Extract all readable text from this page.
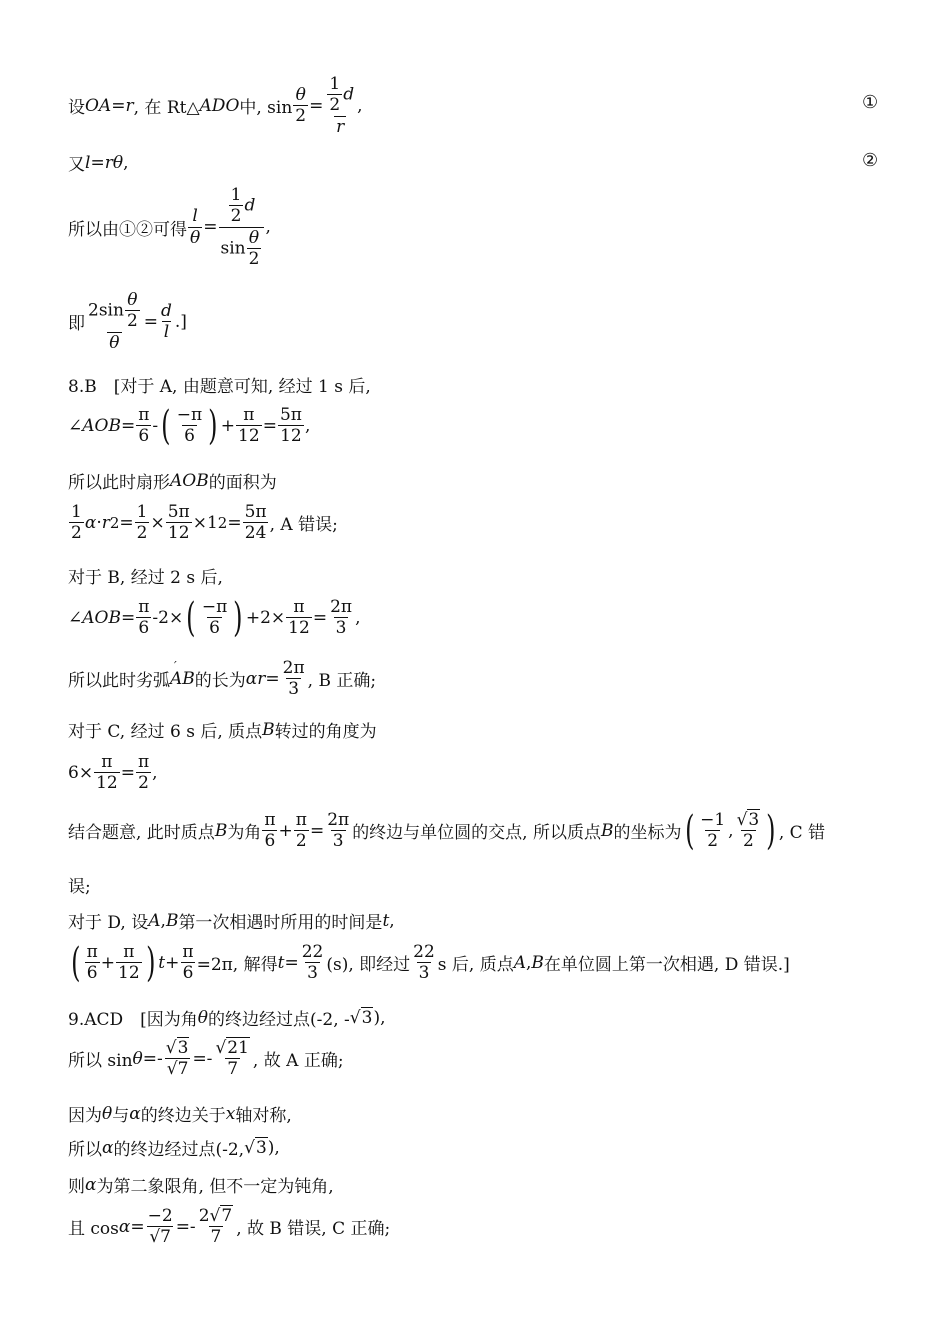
设 OA = r , 在 Rt△ ADO 中, $\sin \frac{\theta}{2} = \frac{\frac{1}{2} d}{r}$ ,	①
又 l = r θ ,	②
所以由①②可得 $\frac{l}{\theta} = \frac{\frac{1}{2} d}{\sin \frac{\theta}{2}}$ ,
即 $\frac{2\sin \frac{\theta}{2}}{\theta} = \frac{d}{l}$ .]
8.B　[对于 A, 由题意可知, 经过 1 s 后,
∠ AOB = $\frac{\pi}{6}$ - ( $\frac{-\pi}{6}$ ) + $\frac{\pi}{12} = \frac{5\pi}{12}$ ,
所以此时扇形 AOB 的面积为
$\frac{1}{2}$ α · r $2 = \frac{1}{2} \times \frac{5\pi}{12} \times 1$ $2 = \frac{5\pi}{24}$ , A 错误;
对于 B, 经过 2 s 后,
∠ AOB = $\frac{\pi}{6} -2\times$ ( $\frac{-\pi}{6}$ ) $+2\times \frac{\pi}{12} = \frac{2\pi}{3}$ ,
所以此时劣弧
′ AB 的长为 α $r = \frac{2\pi}{3}$ , B 正确;
对于 C, 经过 6 s 后, 质点 B 转过的角度为
$6\times \frac{\pi}{12} = \frac{\pi}{2}$ ,
结合题意, 此时质点 B 为角 $\frac{\pi}{6} + \frac{\pi}{2} = \frac{2\pi}{3}$ 的终边与单位圆的交点, 所以质点 B 的坐标为 ( $\frac{-1}{2}$ , $\frac{√3}{2}$ ) , C 错
误;
对于 D, 设 A , B 第一次相遇时所用的时间是 t ,
( $\frac{\pi}{6} + \frac{\pi}{12}$ ) $t + \frac{\pi}{6} =2\pi$, 解得 $t = \frac{22}{3} (s)$, 即经过 $\frac{22}{3}$ s 后, 质点 A , B 在单位圆上第一次相遇, D 错误.]
9.ACD　[因为角 θ 的终边经过点(-2, - √ 3 ),
所以 $\sin \theta =- \frac{√3}{√7} =- \frac{√21}{7}$ , 故 A 正确;
因为 θ 与 α 的终边关于 x 轴对称,
所以 α 的终边经过点(-2, √ 3 ),
则 α 为第二象限角, 但不一定为钝角,
且 $\cos \alpha = \frac{-2}{√7} =- \frac{2√7}{7}$ , 故 B 错误, C 正确;
